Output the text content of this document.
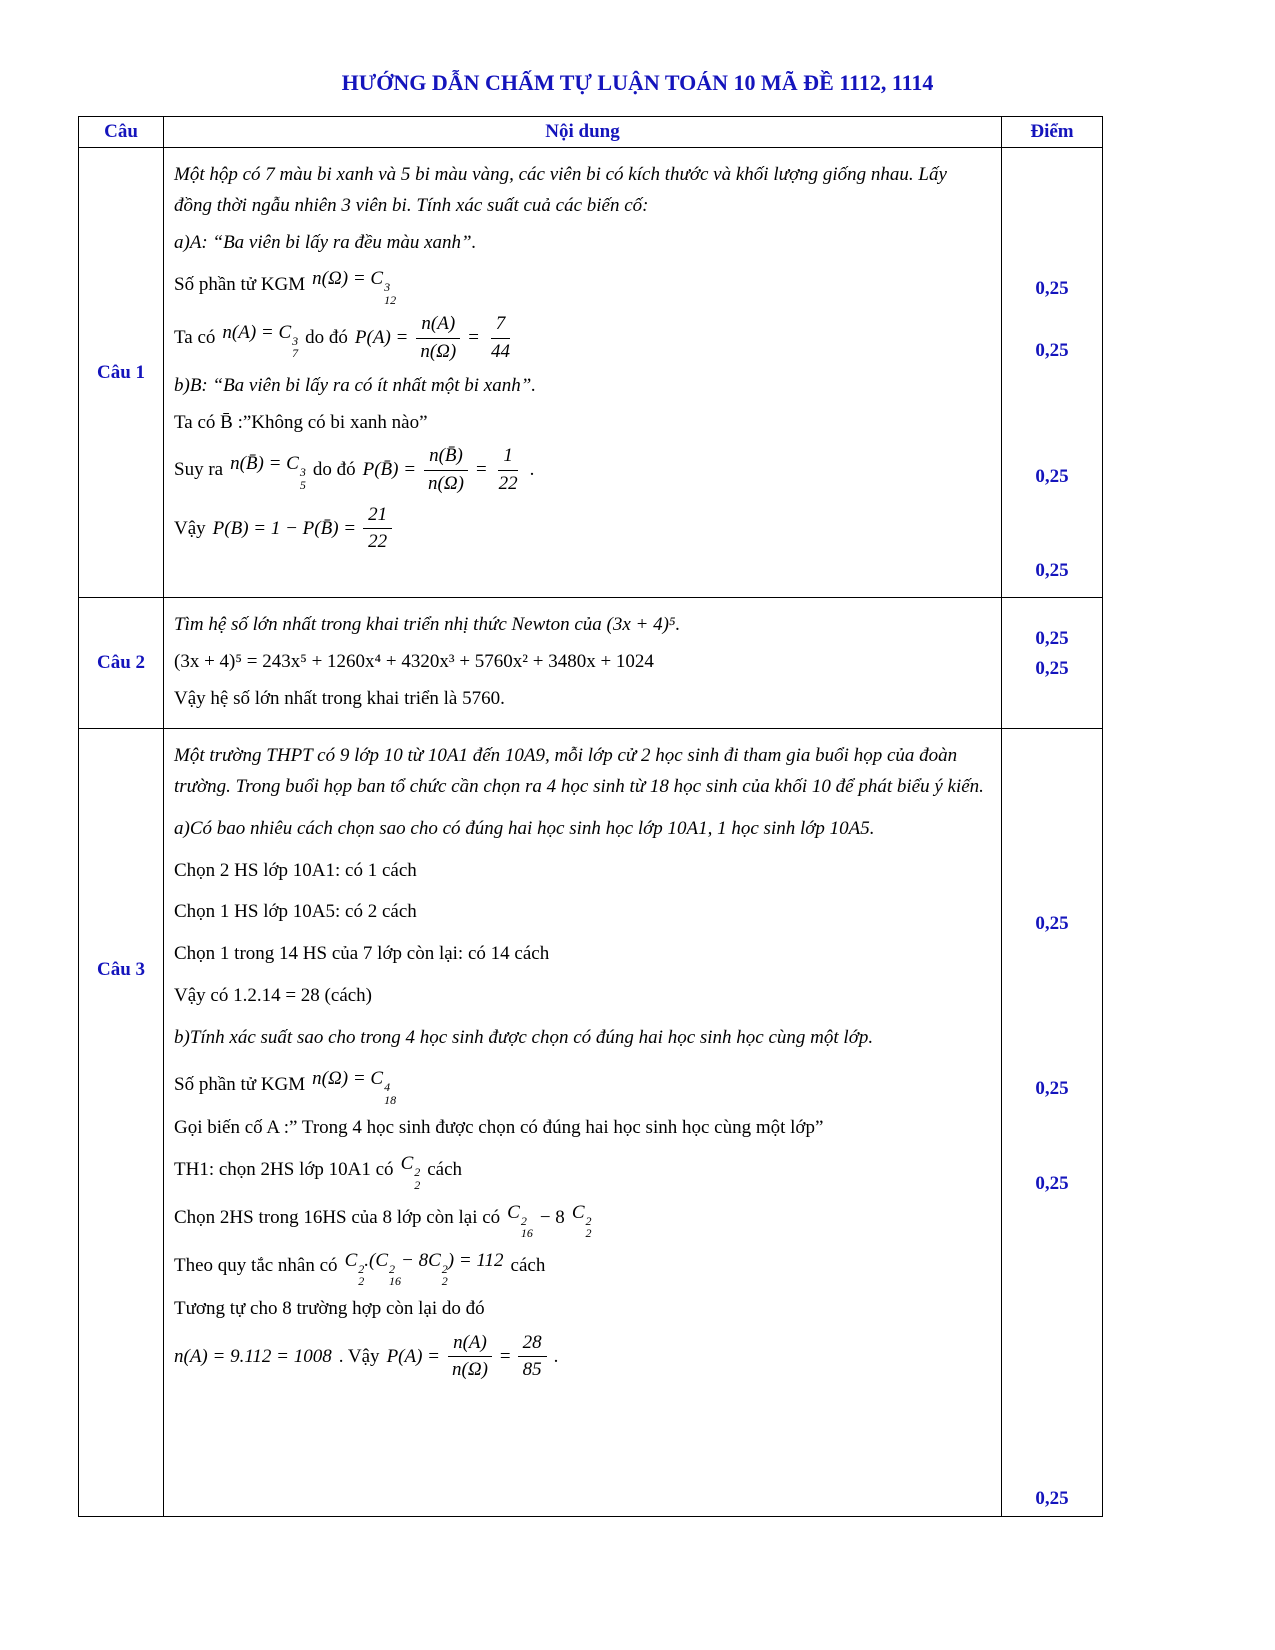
HƯỚNG DẪN CHẤM TỰ LUẬN TOÁN 10 MÃ ĐỀ 1112, 1114
Câu	Nội dung	Điểm
Câu 1

Một hộp có 7 màu bi xanh và 5 bi màu vàng, các viên bi có kích thước và khối lượng giống nhau. Lấy đồng thời ngẫu nhiên 3 viên bi. Tính xác suất cuả các biến cố:

a)A: “Ba viên bi lấy ra đều màu xanh”.

Số phần tử KGM n(Ω) = C 3
12

Ta có n(A) = C 3
7
do đó $P(A) = \frac{n(A)}{n(\Omega)} = \frac{7}{44}$

b)B: “Ba viên bi lấy ra có ít nhất một bi xanh”.

Ta có B̄ :”Không có bi xanh nào”

Suy ra n(B̄) = C 3
5
do đó P(B̄) = $\frac{n(B̄)}{n(\Omega)} = \frac{1}{22}$ .

Vậy P(B) = 1 − P(B̄) = $\frac{21}{22}$

0,25
0,25
0,25
0,25
Câu 2

Tìm hệ số lớn nhất trong khai triển nhị thức Newton của (3x + 4)⁵.

(3x + 4)⁵ = 243x⁵ + 1260x⁴ + 4320x³ + 5760x² + 3480x + 1024

Vậy hệ số lớn nhất trong khai triển là 5760.

0,25
0,25
Câu 3

Một trường THPT có 9 lớp 10 từ 10A1 đến 10A9, mỗi lớp cử 2 học sinh đi tham gia buổi họp của đoàn trường. Trong buổi họp ban tổ chức cần chọn ra 4 học sinh từ 18 học sinh của khối 10 để phát biểu ý kiến.

a)Có bao nhiêu cách chọn sao cho có đúng hai học sinh học lớp 10A1, 1 học sinh lớp 10A5.

Chọn 2 HS lớp 10A1: có 1 cách

Chọn 1 HS lớp 10A5: có 2 cách

Chọn 1 trong 14 HS của 7 lớp còn lại: có 14 cách

Vậy có 1.2.14 = 28 (cách)

b)Tính xác suất sao cho trong 4 học sinh được chọn có đúng hai học sinh học cùng một lớp.

Số phần tử KGM n(Ω) = C 4
18

Gọi biến cố A :” Trong 4 học sinh được chọn có đúng hai học sinh học cùng một lớp”

TH1: chọn 2HS lớp 10A1 có C 2
2
cách

Chọn 2HS trong 16HS của 8 lớp còn lại có C 2
16
− 8 C 2
2

Theo quy tắc nhân có C 2
2
.(C 2
16
− 8C 2
2
) = 112 cách

Tương tự cho 8 trường hợp còn lại do đó

n(A) = 9.112 = 1008 . Vậy $P(A) = \frac{n(A)}{n(\Omega)} = \frac{28}{85}$ .

0,25
0,25
0,25
0,25
